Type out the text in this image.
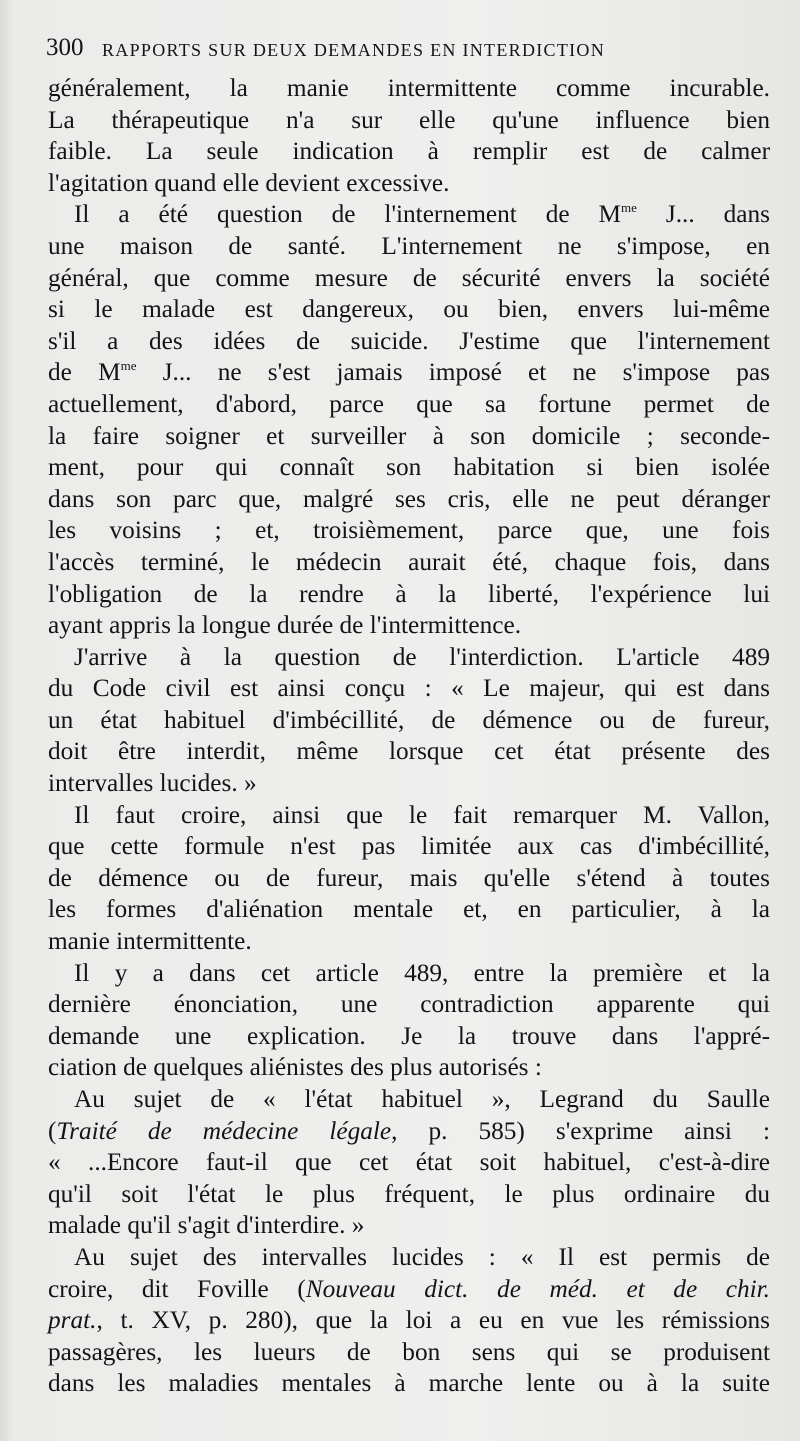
300 RAPPORTS SUR DEUX DEMANDES EN INTERDICTION
généralement, la manie intermittente comme incurable.
La thérapeutique n'a sur elle qu'une influence bien
faible. La seule indication à remplir est de calmer
l'agitation quand elle devient excessive.
Il a été question de l'internement de $M^{me}$ J... dans
une maison de santé. L'internement ne s'impose, en
général, que comme mesure de sécurité envers la société
si le malade est dangereux, ou bien, envers lui-même
s'il a des idées de suicide. J'estime que l'internement
de $M^{me}$ J... ne s'est jamais imposé et ne s'impose pas
actuellement, d'abord, parce que sa fortune permet de
la faire soigner et surveiller à son domicile ; seconde-
ment, pour qui connaît son habitation si bien isolée
dans son parc que, malgré ses cris, elle ne peut déranger
les voisins ; et, troisièmement, parce que, une fois
l'accès terminé, le médecin aurait été, chaque fois, dans
l'obligation de la rendre à la liberté, l'expérience lui
ayant appris la longue durée de l'intermittence.
J'arrive à la question de l'interdiction. L'article 489
du Code civil est ainsi conçu : « Le majeur, qui est dans
un état habituel d'imbécillité, de démence ou de fureur,
doit être interdit, même lorsque cet état présente des
intervalles lucides. »
Il faut croire, ainsi que le fait remarquer M. Vallon,
que cette formule n'est pas limitée aux cas d'imbécillité,
de démence ou de fureur, mais qu'elle s'étend à toutes
les formes d'aliénation mentale et, en particulier, à la
manie intermittente.
Il y a dans cet article 489, entre la première et la
dernière énonciation, une contradiction apparente qui
demande une explication. Je la trouve dans l'appré-
ciation de quelques aliénistes des plus autorisés :
Au sujet de « l'état habituel », Legrand du Saulle
(Traité de médecine légale, p. 585) s'exprime ainsi :
« ...Encore faut-il que cet état soit habituel, c'est-à-dire
qu'il soit l'état le plus fréquent, le plus ordinaire du
malade qu'il s'agit d'interdire. »
Au sujet des intervalles lucides : « Il est permis de
croire, dit Foville (Nouveau dict. de méd. et de chir.
prat., t. XV, p. 280), que la loi a eu en vue les rémissions
passagères, les lueurs de bon sens qui se produisent
dans les maladies mentales à marche lente ou à la suite
